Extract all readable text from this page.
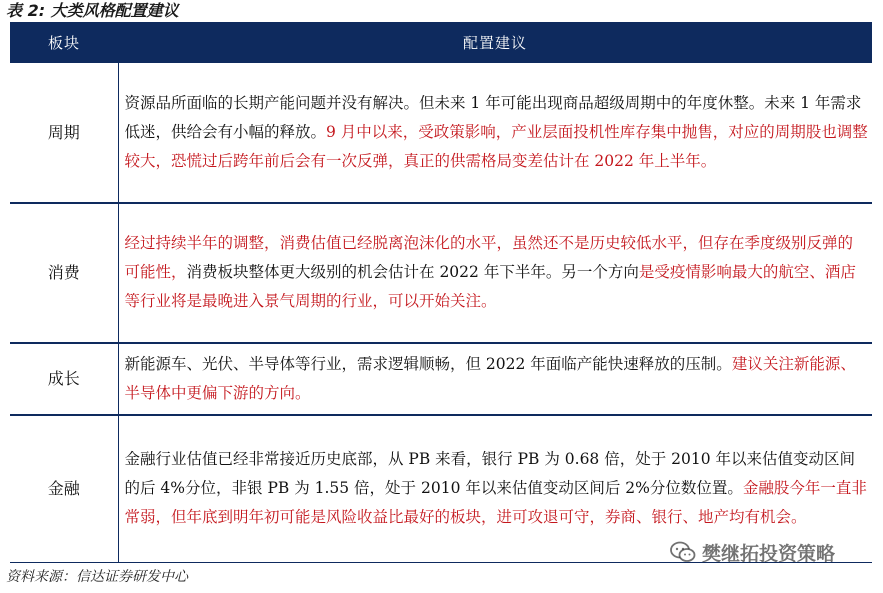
表 2: 大类风格配置建议
板块	配置建议
周期	资源品所面临的长期产能问题并没有解决。但未来 1 年可能出现商品超级周期中的年度休整。未来 1 年需求低迷，供给会有小幅的释放。9 月中以来，受政策影响，产业层面投机性库存集中抛售，对应的周期股也调整较大，恐慌过后跨年前后会有一次反弹，真正的供需格局变差估计在 2022 年上半年。
消费	经过持续半年的调整，消费估值已经脱离泡沫化的水平，虽然还不是历史较低水平，但存在季度级别反弹的可能性，消费板块整体更大级别的机会估计在 2022 年下半年。另一个方向是受疫情影响最大的航空、酒店等行业将是最晚进入景气周期的行业，可以开始关注。
成长	新能源车、光伏、半导体等行业，需求逻辑顺畅，但 2022 年面临产能快速释放的压制。建议关注新能源、半导体中更偏下游的方向。
金融	金融行业估值已经非常接近历史底部，从 PB 来看，银行 PB 为 0.68 倍，处于 2010 年以来估值变动区间的后 4%分位，非银 PB 为 1.55 倍，处于 2010 年以来估值变动区间后 2%分位数位置。金融股今年一直非常弱，但年底到明年初可能是风险收益比最好的板块，进可攻退可守，券商、银行、地产均有机会。
资料来源：信达证券研发中心
樊继拓投资策略
